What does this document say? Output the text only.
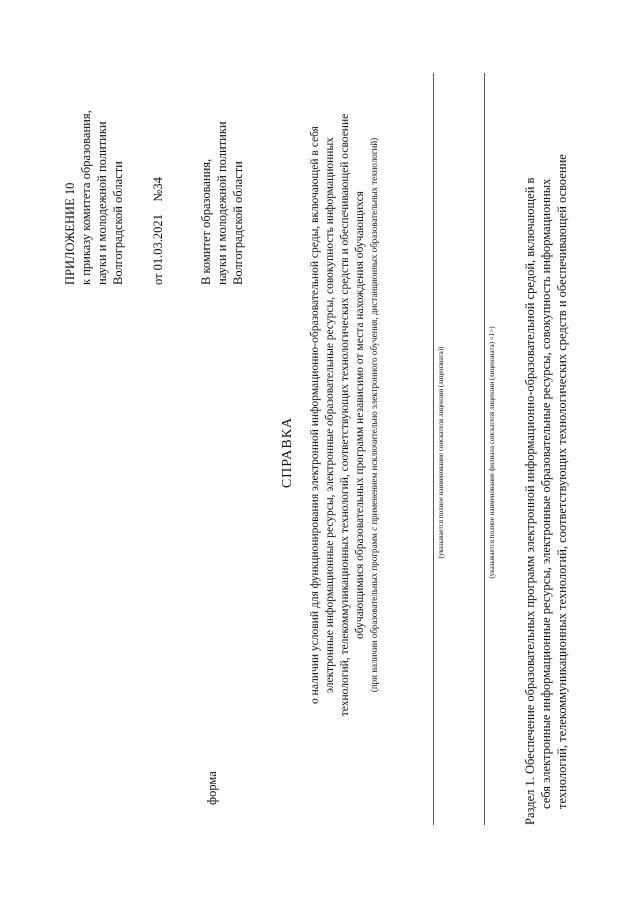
ПРИЛОЖЕНИЕ 10 к приказу комитета образования, науки и молодежной политики Волгоградской области от 01.03.2021    №34	В комитет образования, науки и молодежной политики Волгоградской области
форма
СПРАВКА о наличии условий для функционирования электронной информационно-образовательной среды, включающей в себя электронные информационные ресурсы, электронные образовательные ресурсы, совокупность информационных технологий, телекоммуникационных технологий, соответствующих технологических средств и обеспечивающей освоение обучающимися образовательных программ независимо от места нахождения обучающихся (при наличии образовательных программ с применением исключительно электронного обучения, дистанционных образовательных технологий)	(указывается полное наименование соискателя лицензии (лицензиата))	(указывается полное наименование филиала соискателя лицензии (лицензиата) <1>) Раздел 1. Обеспечение образовательных программ электронной информационно-образовательной средой, включающей в себя электронные информационные ресурсы, электронные образовательные ресурсы, совокупность информационных технологий, телекоммуникационных технологий, соответствующих технологических средств и обеспечивающей освоение
